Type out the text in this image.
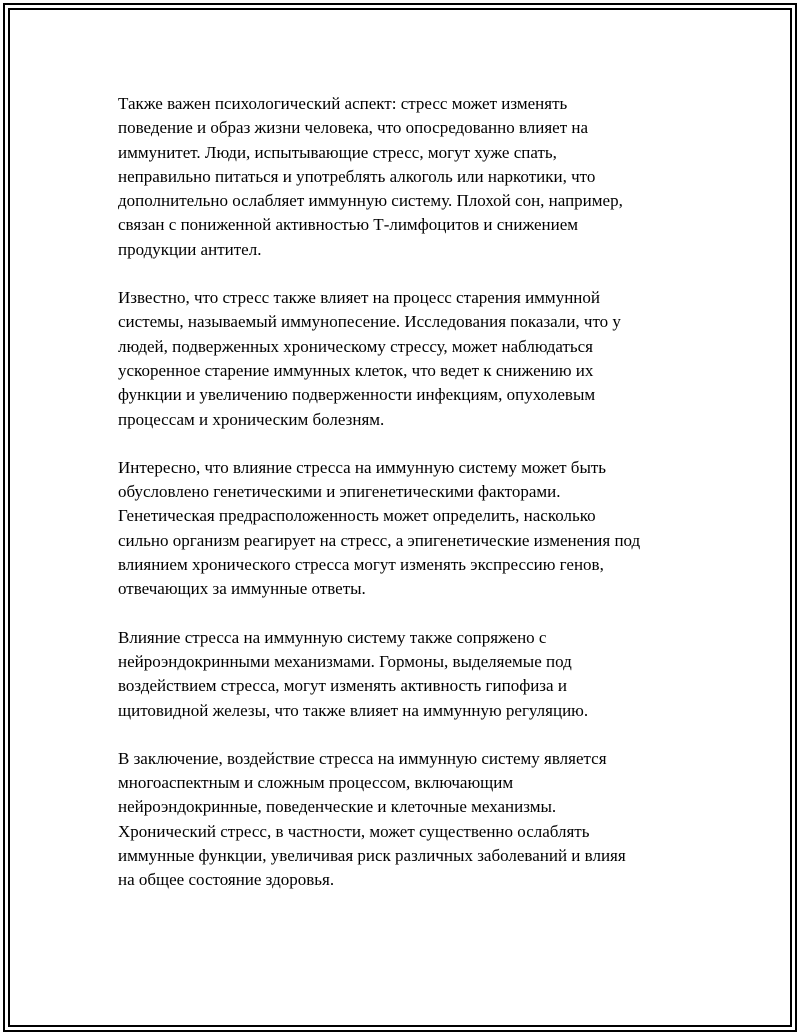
Также важен психологический аспект: стресс может изменять
поведение и образ жизни человека, что опосредованно влияет на
иммунитет. Люди, испытывающие стресс, могут хуже спать,
неправильно питаться и употреблять алкоголь или наркотики, что
дополнительно ослабляет иммунную систему. Плохой сон, например,
связан с пониженной активностью Т-лимфоцитов и снижением
продукции антител.

Известно, что стресс также влияет на процесс старения иммунной
системы, называемый иммунопесение. Исследования показали, что у
людей, подверженных хроническому стрессу, может наблюдаться
ускоренное старение иммунных клеток, что ведет к снижению их
функции и увеличению подверженности инфекциям, опухолевым
процессам и хроническим болезням.

Интересно, что влияние стресса на иммунную систему может быть
обусловлено генетическими и эпигенетическими факторами.
Генетическая предрасположенность может определить, насколько
сильно организм реагирует на стресс, а эпигенетические изменения под
влиянием хронического стресса могут изменять экспрессию генов,
отвечающих за иммунные ответы.

Влияние стресса на иммунную систему также сопряжено с
нейроэндокринными механизмами. Гормоны, выделяемые под
воздействием стресса, могут изменять активность гипофиза и
щитовидной железы, что также влияет на иммунную регуляцию.

В заключение, воздействие стресса на иммунную систему является
многоаспектным и сложным процессом, включающим
нейроэндокринные, поведенческие и клеточные механизмы.
Хронический стресс, в частности, может существенно ослаблять
иммунные функции, увеличивая риск различных заболеваний и влияя
на общее состояние здоровья.
